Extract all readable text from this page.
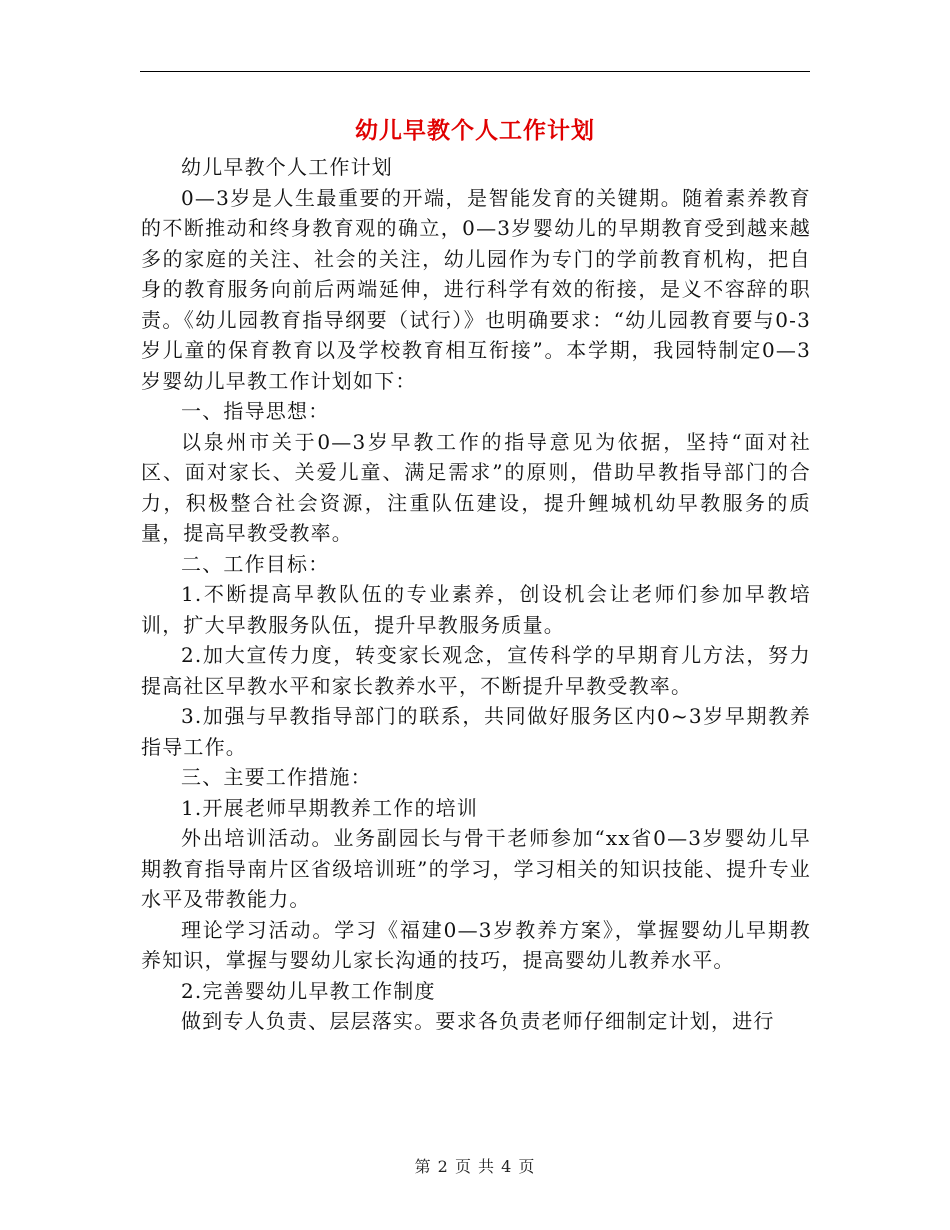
幼儿早教个人工作计划

幼儿早教个人工作计划

0—3岁是人生最重要的开端，是智能发育的关键期。随着素养教育的不断推动和终身教育观的确立，0—3岁婴幼儿的早期教育受到越来越多的家庭的关注、社会的关注，幼儿园作为专门的学前教育机构，把自身的教育服务向前后两端延伸，进行科学有效的衔接，是义不容辞的职责。《幼儿园教育指导纲要（试行）》也明确要求：“幼儿园教育要与0-3岁儿童的保育教育以及学校教育相互衔接”。本学期，我园特制定0—3岁婴幼儿早教工作计划如下：

一、指导思想：

以泉州市关于0—3岁早教工作的指导意见为依据，坚持“面对社区、面对家长、关爱儿童、满足需求”的原则，借助早教指导部门的合力，积极整合社会资源，注重队伍建设，提升鲤城机幼早教服务的质量，提高早教受教率。

二、工作目标：

1.不断提高早教队伍的专业素养，创设机会让老师们参加早教培训，扩大早教服务队伍，提升早教服务质量。

2.加大宣传力度，转变家长观念，宣传科学的早期育儿方法，努力提高社区早教水平和家长教养水平，不断提升早教受教率。

3.加强与早教指导部门的联系，共同做好服务区内0~3岁早期教养指导工作。

三、主要工作措施：

1.开展老师早期教养工作的培训

外出培训活动。业务副园长与骨干老师参加“xx省0—3岁婴幼儿早期教育指导南片区省级培训班”的学习，学习相关的知识技能、提升专业水平及带教能力。

理论学习活动。学习《福建0—3岁教养方案》，掌握婴幼儿早期教养知识，掌握与婴幼儿家长沟通的技巧，提高婴幼儿教养水平。

2.完善婴幼儿早教工作制度

做到专人负责、层层落实。要求各负责老师仔细制定计划，进行

第 2 页 共 4 页
